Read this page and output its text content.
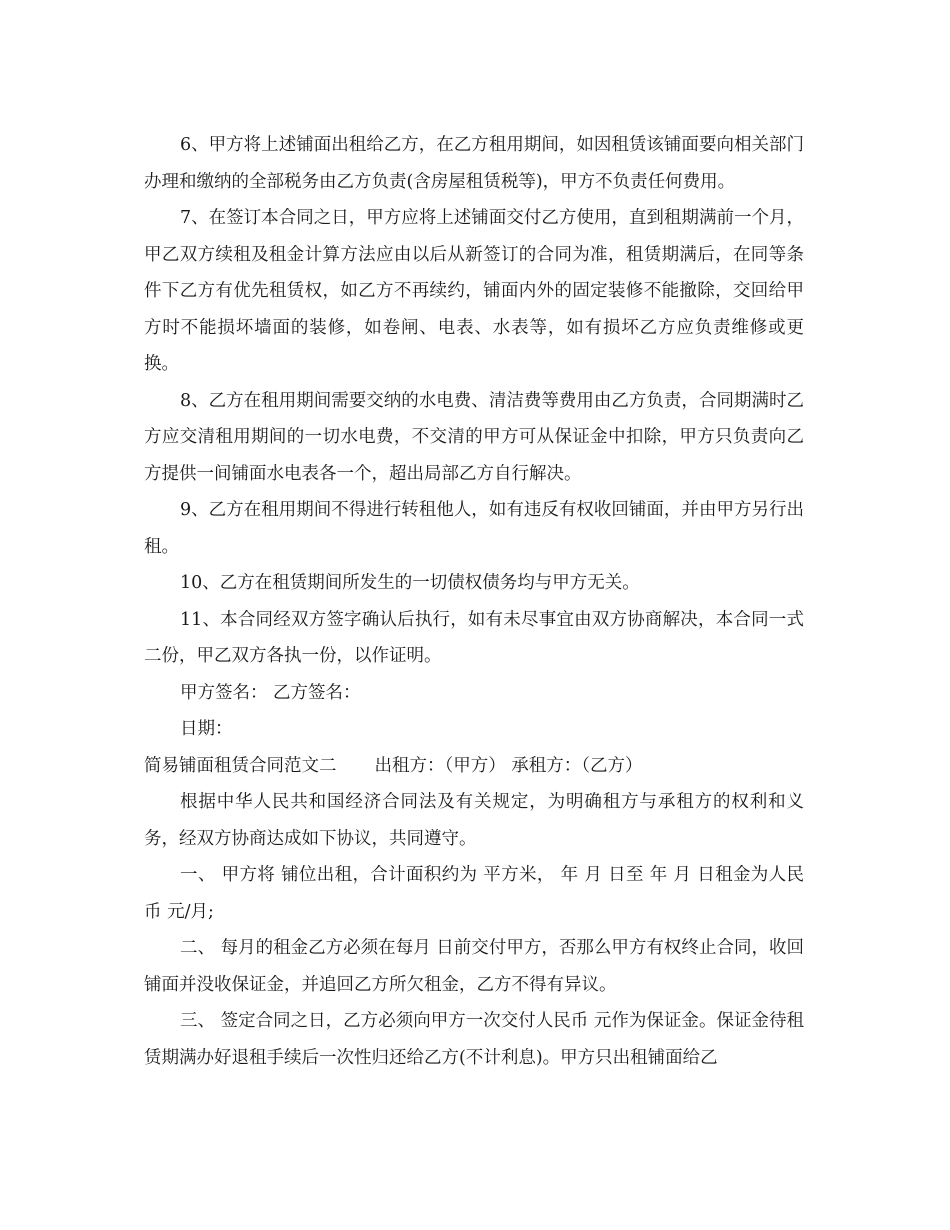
6、甲方将上述铺面出租给乙方，在乙方租用期间，如因租赁该铺面要向相关部门办理和缴纳的全部税务由乙方负责(含房屋租赁税等)，甲方不负责任何费用。

7、在签订本合同之日，甲方应将上述铺面交付乙方使用，直到租期满前一个月，甲乙双方续租及租金计算方法应由以后从新签订的合同为准，租赁期满后，在同等条件下乙方有优先租赁权，如乙方不再续约，铺面内外的固定装修不能撤除，交回给甲方时不能损坏墙面的装修，如卷闸、电表、水表等，如有损坏乙方应负责维修或更换。

8、乙方在租用期间需要交纳的水电费、清洁费等费用由乙方负责，合同期满时乙方应交清租用期间的一切水电费，不交清的甲方可从保证金中扣除，甲方只负责向乙方提供一间铺面水电表各一个，超出局部乙方自行解决。

9、乙方在租用期间不得进行转租他人，如有违反有权收回铺面，并由甲方另行出租。

10、乙方在租赁期间所发生的一切债权债务均与甲方无关。

11、本合同经双方签字确认后执行，如有未尽事宜由双方协商解决，本合同一式二份，甲乙双方各执一份，以作证明。

甲方签名： 乙方签名：

日期：

简易铺面租赁合同范文二 出租方：（甲方） 承租方：（乙方）

根据中华人民共和国经济合同法及有关规定，为明确租方与承租方的权利和义务，经双方协商达成如下协议，共同遵守。

一、 甲方将 铺位出租，合计面积约为 平方米， 年 月 日至 年 月 日租金为人民币 元/月;

二、 每月的租金乙方必须在每月 日前交付甲方，否那么甲方有权终止合同，收回铺面并没收保证金，并追回乙方所欠租金，乙方不得有异议。

三、 签定合同之日，乙方必须向甲方一次交付人民币 元作为保证金。保证金待租赁期满办好退租手续后一次性归还给乙方(不计利息)。甲方只出租铺面给乙
